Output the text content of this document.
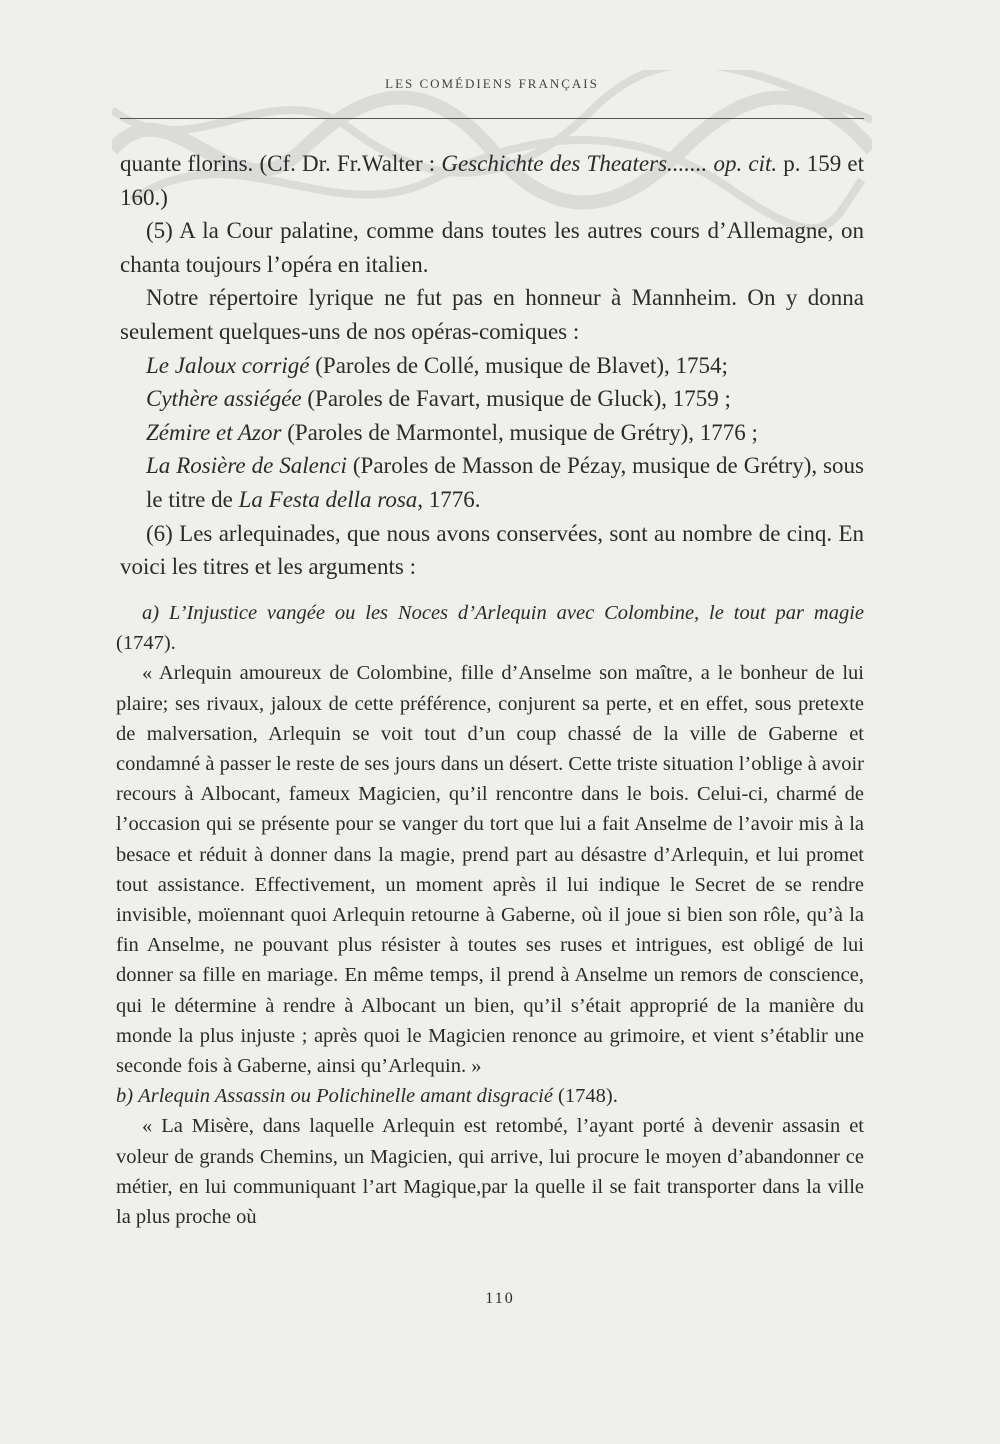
LES COMÉDIENS FRANÇAIS

quante florins. (Cf. Dr. Fr.Walter : Geschichte des Theaters....... op. cit. p. 159 et 160.)

(5) A la Cour palatine, comme dans toutes les autres cours d’Allemagne, on chanta toujours l’opéra en italien.

Notre répertoire lyrique ne fut pas en honneur à Mannheim. On y donna seulement quelques-uns de nos opéras-comiques :

Le Jaloux corrigé (Paroles de Collé, musique de Blavet), 1754;

Cythère assiégée (Paroles de Favart, musique de Gluck), 1759 ;

Zémire et Azor (Paroles de Marmontel, musique de Grétry), 1776 ;

La Rosière de Salenci (Paroles de Masson de Pézay, musique de Grétry), sous le titre de La Festa della rosa, 1776.

(6) Les arlequinades, que nous avons conservées, sont au nombre de cinq. En voici les titres et les arguments :

a) L’Injustice vangée ou les Noces d’Arlequin avec Colombine, le tout par magie (1747).

« Arlequin amoureux de Colombine, fille d’Anselme son maître, a le bonheur de lui plaire; ses rivaux, jaloux de cette préférence, conjurent sa perte, et en effet, sous pretexte de malversation, Arlequin se voit tout d’un coup chassé de la ville de Gaberne et condamné à passer le reste de ses jours dans un désert. Cette triste situation l’oblige à avoir recours à Albocant, fameux Magicien, qu’il rencontre dans le bois. Celui-ci, charmé de l’occasion qui se présente pour se vanger du tort que lui a fait Anselme de l’avoir mis à la besace et réduit à donner dans la magie, prend part au désastre d’Arlequin, et lui promet tout assistance. Effectivement, un moment après il lui indique le Secret de se rendre invisible, moïennant quoi Arlequin retourne à Gaberne, où il joue si bien son rôle, qu’à la fin Anselme, ne pouvant plus résister à toutes ses ruses et intrigues, est obligé de lui donner sa fille en mariage. En même temps, il prend à Anselme un remors de conscience, qui le détermine à rendre à Albocant un bien, qu’il s’était approprié de la manière du monde la plus injuste ; après quoi le Magicien renonce au grimoire, et vient s’établir une seconde fois à Gaberne, ainsi qu’Arlequin. »

b) Arlequin Assassin ou Polichinelle amant disgracié (1748).

« La Misère, dans laquelle Arlequin est retombé, l’ayant porté à devenir assasin et voleur de grands Chemins, un Magicien, qui arrive, lui procure le moyen d’abandonner ce métier, en lui communiquant l’art Magique,par la quelle il se fait transporter dans la ville la plus proche où

110
